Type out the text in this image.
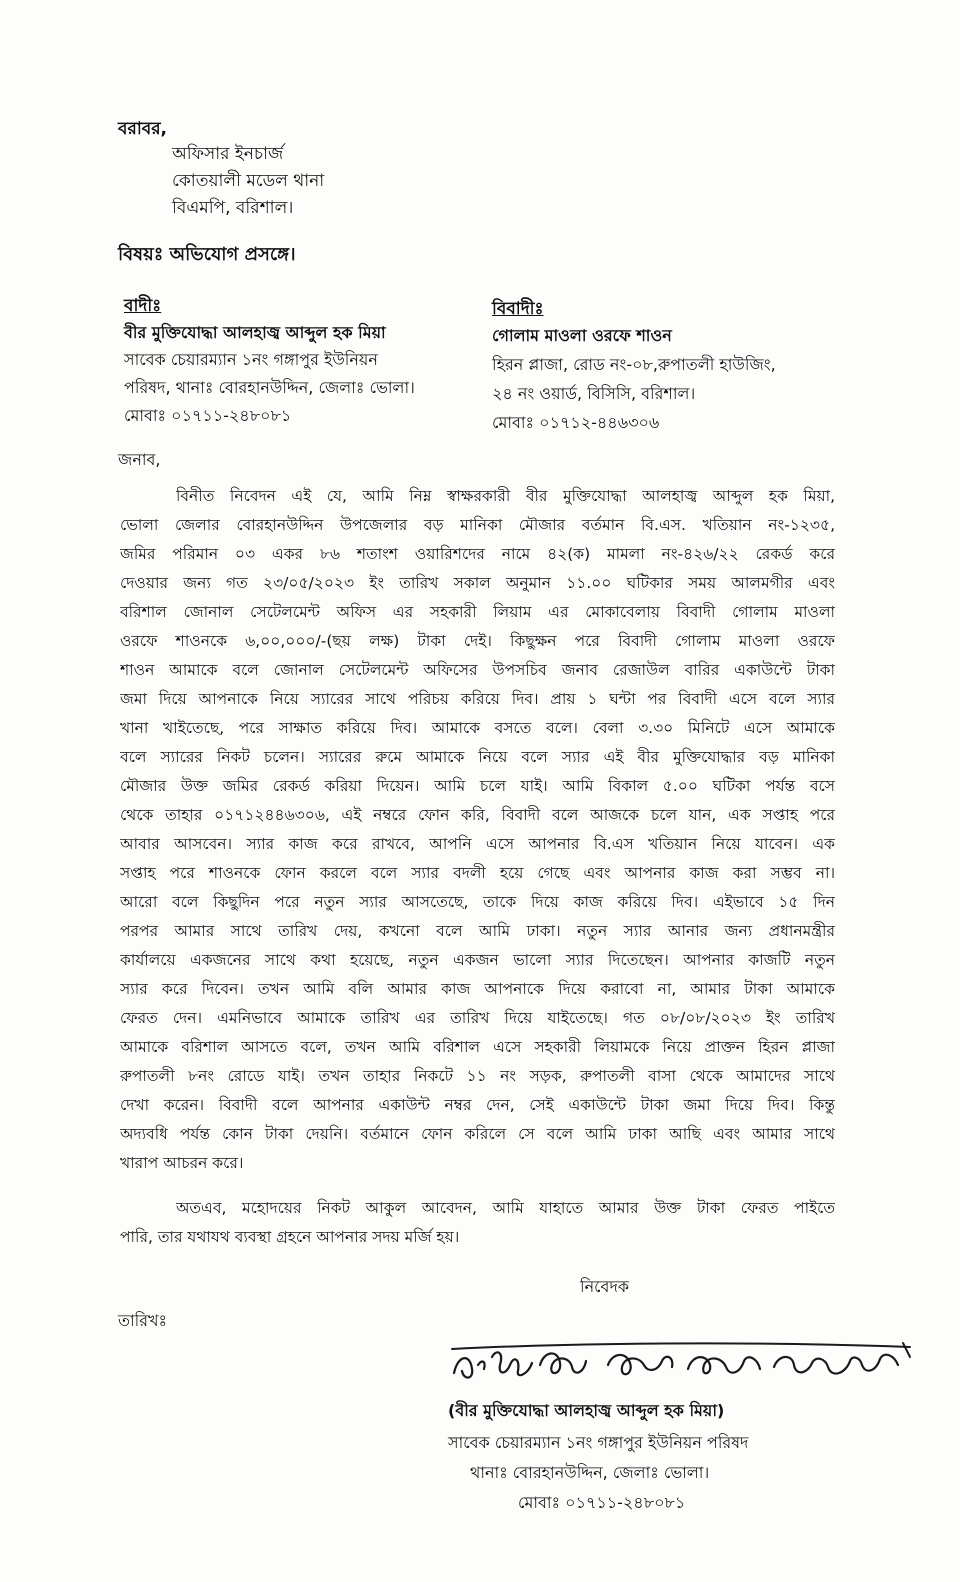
বরাবর,
অফিসার ইনচার্জ
কোতয়ালী মডেল থানা
বিএমপি, বরিশাল।
বিষয়ঃ অভিযোগ প্রসঙ্গে।
বাদীঃ
বীর মুক্তিযোদ্ধা আলহাজ্ব আব্দুল হক মিয়া
সাবেক চেয়ারম্যান ১নং গঙ্গাপুর ইউনিয়ন
পরিষদ, থানাঃ বোরহানউদ্দিন, জেলাঃ ভোলা।
মোবাঃ ০১৭১১-২৪৮০৮১
বিবাদীঃ
গোলাম মাওলা ওরফে শাওন
হিরন প্লাজা, রোড নং-০৮,রুপাতলী হাউজিং,
২৪ নং ওয়ার্ড, বিসিসি, বরিশাল।
মোবাঃ ০১৭১২-৪৪৬৩০৬
জনাব,
বিনীত নিবেদন এই যে, আমি নিম্ন স্বাক্ষরকারী বীর মুক্তিযোদ্ধা আলহাজ্ব আব্দুল হক মিয়া,
ভোলা জেলার বোরহানউদ্দিন উপজেলার বড় মানিকা মৌজার বর্তমান বি.এস. খতিয়ান নং-১২৩৫,
জমির পরিমান ০৩ একর ৮৬ শতাংশ ওয়ারিশদের নামে ৪২(ক) মামলা নং-৪২৬/২২ রেকর্ড করে
দেওয়ার জন্য গত ২৩/০৫/২০২৩ ইং তারিখ সকাল অনুমান ১১.০০ ঘটিকার সময় আলমগীর এবং
বরিশাল জোনাল সেটেলমেন্ট অফিস এর সহকারী লিয়াম এর মোকাবেলায় বিবাদী গোলাম মাওলা
ওরফে শাওনকে ৬,০০,০০০/-(ছয় লক্ষ) টাকা দেই। কিছুক্ষন পরে বিবাদী গোলাম মাওলা ওরফে
শাওন আমাকে বলে জোনাল সেটেলমেন্ট অফিসের উপসচিব জনাব রেজাউল বারির একাউন্টে টাকা
জমা দিয়ে আপনাকে নিয়ে স্যারের সাথে পরিচয় করিয়ে দিব। প্রায় ১ ঘন্টা পর বিবাদী এসে বলে স্যার
খানা খাইতেছে, পরে সাক্ষাত করিয়ে দিব। আমাকে বসতে বলে। বেলা ৩.৩০ মিনিটে এসে আমাকে
বলে স্যারের নিকট চলেন। স্যারের রুমে আমাকে নিয়ে বলে স্যার এই বীর মুক্তিযোদ্ধার বড় মানিকা
মৌজার উক্ত জমির রেকর্ড করিয়া দিয়েন। আমি চলে যাই। আমি বিকাল ৫.০০ ঘটিকা পর্যন্ত বসে
থেকে তাহার ০১৭১২৪৪৬৩০৬, এই নম্বরে ফোন করি, বিবাদী বলে আজকে চলে যান, এক সপ্তাহ পরে
আবার আসবেন। স্যার কাজ করে রাখবে, আপনি এসে আপনার বি.এস খতিয়ান নিয়ে যাবেন। এক
সপ্তাহ পরে শাওনকে ফোন করলে বলে স্যার বদলী হয়ে গেছে এবং আপনার কাজ করা সম্ভব না।
আরো বলে কিছুদিন পরে নতুন স্যার আসতেছে, তাকে দিয়ে কাজ করিয়ে দিব। এইভাবে ১৫ দিন
পরপর আমার সাথে তারিখ দেয়, কখনো বলে আমি ঢাকা। নতুন স্যার আনার জন্য প্রধানমন্ত্রীর
কার্যালয়ে একজনের সাথে কথা হয়েছে, নতুন একজন ভালো স্যার দিতেছেন। আপনার কাজটি নতুন
স্যার করে দিবেন। তখন আমি বলি আমার কাজ আপনাকে দিয়ে করাবো না, আমার টাকা আমাকে
ফেরত দেন। এমনিভাবে আমাকে তারিখ এর তারিখ দিয়ে যাইতেছে। গত ০৮/০৮/২০২৩ ইং তারিখ
আমাকে বরিশাল আসতে বলে, তখন আমি বরিশাল এসে সহকারী লিয়ামকে নিয়ে প্রাক্তন হিরন প্লাজা
রুপাতলী ৮নং রোডে যাই। তখন তাহার নিকটে ১১ নং সড়ক, রুপাতলী বাসা থেকে আমাদের সাথে
দেখা করেন। বিবাদী বলে আপনার একাউন্ট নম্বর দেন, সেই একাউন্টে টাকা জমা দিয়ে দিব। কিন্তু
অদ্যবধি পর্যন্ত কোন টাকা দেয়নি। বর্তমানে ফোন করিলে সে বলে আমি ঢাকা আছি এবং আমার সাথে
খারাপ আচরন করে।
অতএব, মহোদয়ের নিকট আকুল আবেদন, আমি যাহাতে আমার উক্ত টাকা ফেরত পাইতে
পারি, তার যথাযথ ব্যবস্থা গ্রহনে আপনার সদয় মর্জি হয়।
নিবেদক
তারিখঃ
(বীর মুক্তিযোদ্ধা আলহাজ্ব আব্দুল হক মিয়া)
সাবেক চেয়ারম্যান ১নং গঙ্গাপুর ইউনিয়ন পরিষদ
থানাঃ বোরহানউদ্দিন, জেলাঃ ভোলা।
মোবাঃ ০১৭১১-২৪৮০৮১
